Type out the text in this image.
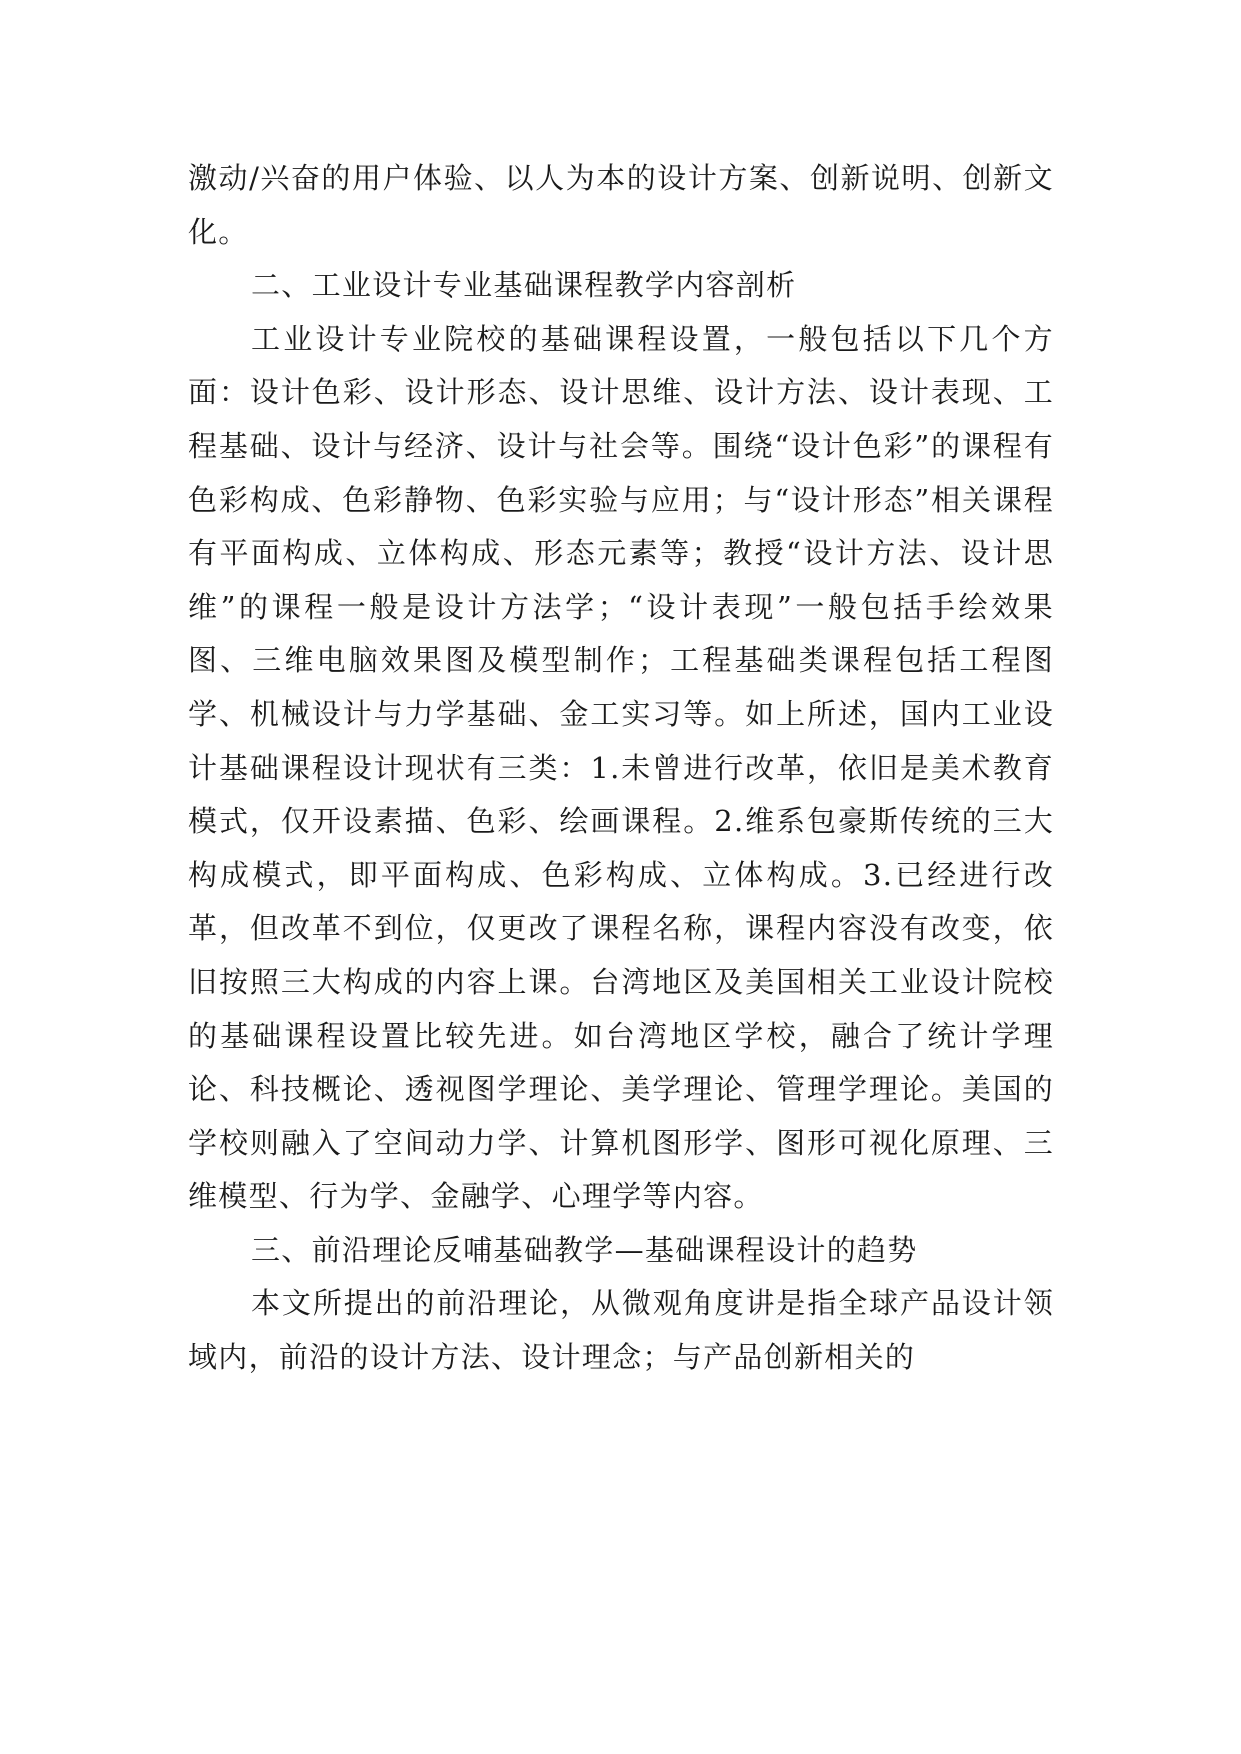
激动/兴奋的用户体验、以人为本的设计方案、创新说明、创新文化。

二、工业设计专业基础课程教学内容剖析

工业设计专业院校的基础课程设置，一般包括以下几个方面：设计色彩、设计形态、设计思维、设计方法、设计表现、工程基础、设计与经济、设计与社会等。围绕“设计色彩”的课程有色彩构成、色彩静物、色彩实验与应用；与“设计形态”相关课程有平面构成、立体构成、形态元素等；教授“设计方法、设计思维”的课程一般是设计方法学；“设计表现”一般包括手绘效果图、三维电脑效果图及模型制作；工程基础类课程包括工程图学、机械设计与力学基础、金工实习等。如上所述，国内工业设计基础课程设计现状有三类：1.未曾进行改革，依旧是美术教育模式，仅开设素描、色彩、绘画课程。2.维系包豪斯传统的三大构成模式，即平面构成、色彩构成、立体构成。3.已经进行改革，但改革不到位，仅更改了课程名称，课程内容没有改变，依旧按照三大构成的内容上课。台湾地区及美国相关工业设计院校的基础课程设置比较先进。如台湾地区学校，融合了统计学理论、科技概论、透视图学理论、美学理论、管理学理论。美国的学校则融入了空间动力学、计算机图形学、图形可视化原理、三维模型、行为学、金融学、心理学等内容。

三、前沿理论反哺基础教学—基础课程设计的趋势

本文所提出的前沿理论，从微观角度讲是指全球产品设计领域内，前沿的设计方法、设计理念；与产品创新相关的
